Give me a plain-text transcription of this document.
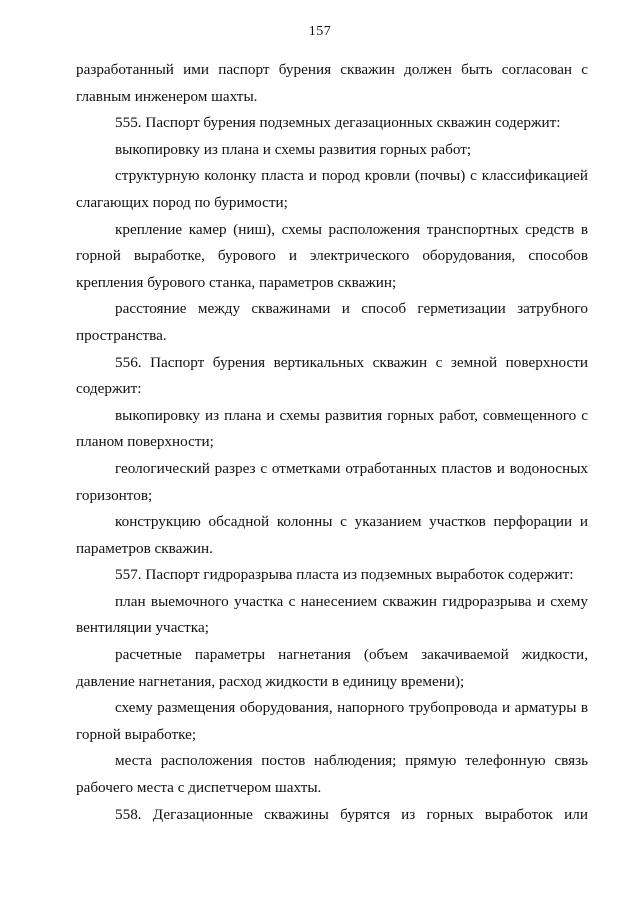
157

разработанный ими паспорт бурения скважин должен быть согласован с главным инженером шахты.

555. Паспорт бурения подземных дегазационных скважин содержит:

выкопировку из плана и схемы развития горных работ;

структурную колонку пласта и пород кровли (почвы) с классификацией слагающих пород по буримости;

крепление камер (ниш), схемы расположения транспортных средств в горной выработке, бурового и электрического оборудования, способов крепления бурового станка, параметров скважин;

расстояние между скважинами и способ герметизации затрубного пространства.

556. Паспорт бурения вертикальных скважин с земной поверхности содержит:

выкопировку из плана и схемы развития горных работ, совмещенного с планом поверхности;

геологический разрез с отметками отработанных пластов и водоносных горизонтов;

конструкцию обсадной колонны с указанием участков перфорации и параметров скважин.

557. Паспорт гидроразрыва пласта из подземных выработок содержит:

план выемочного участка с нанесением скважин гидроразрыва и схему вентиляции участка;

расчетные параметры нагнетания (объем закачиваемой жидкости, давление нагнетания, расход жидкости в единицу времени);

схему размещения оборудования, напорного трубопровода и арматуры в горной выработке;

места расположения постов наблюдения; прямую телефонную связь рабочего места с диспетчером шахты.

558. Дегазационные скважины бурятся из горных выработок или
